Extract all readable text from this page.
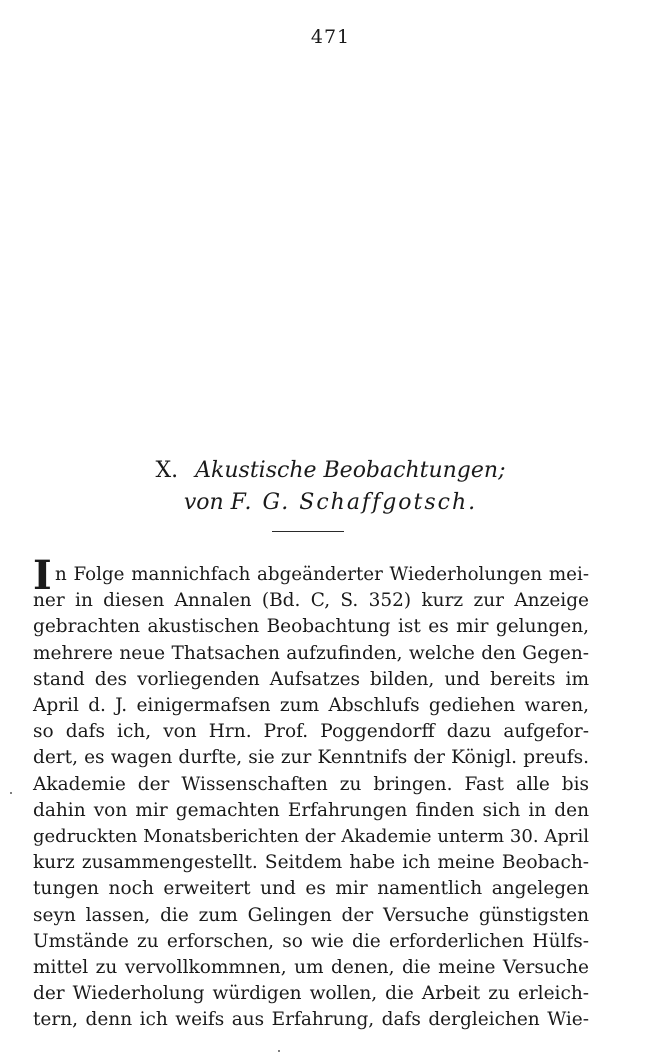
471
X. Akustische Beobachtungen;
von F. G. Schaffgotsch.
I n Folge mannichfach abgeänderter Wiederholungen mei-
ner in diesen Annalen (Bd. C, S. 352) kurz zur Anzeige
gebrachten akustischen Beobachtung ist es mir gelungen,
mehrere neue Thatsachen aufzufinden, welche den Gegen-
stand des vorliegenden Aufsatzes bilden, und bereits im
April d. J. einigermafsen zum Abschlufs gediehen waren,
so dafs ich, von Hrn. Prof. Poggendorff dazu aufgefor-
dert, es wagen durfte, sie zur Kenntnifs der Königl. preufs.
Akademie der Wissenschaften zu bringen. Fast alle bis
dahin von mir gemachten Erfahrungen finden sich in den
gedruckten Monatsberichten der Akademie unterm 30. April
kurz zusammengestellt. Seitdem habe ich meine Beobach-
tungen noch erweitert und es mir namentlich angelegen
seyn lassen, die zum Gelingen der Versuche günstigsten
Umstände zu erforschen, so wie die erforderlichen Hülfs-
mittel zu vervollkommnen, um denen, die meine Versuche
der Wiederholung würdigen wollen, die Arbeit zu erleich-
tern, denn ich weifs aus Erfahrung, dafs dergleichen Wie-
